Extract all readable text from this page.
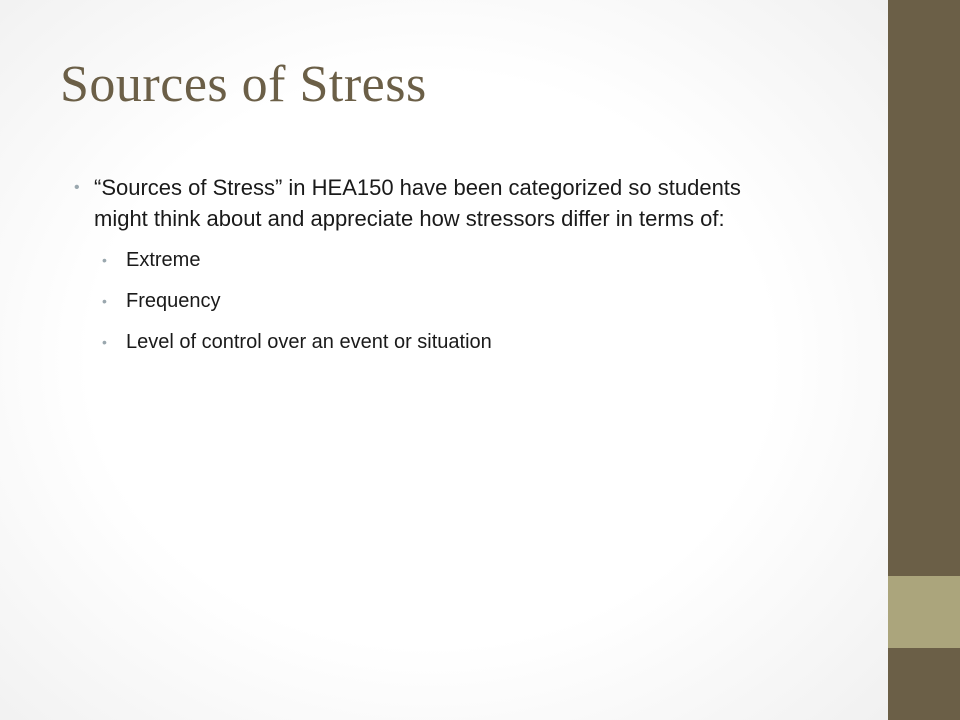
Sources of Stress
• “Sources of Stress” in HEA150 have been categorized so students might think about and appreciate how stressors differ in terms of:
• Extreme
• Frequency
• Level of control over an event or situation
